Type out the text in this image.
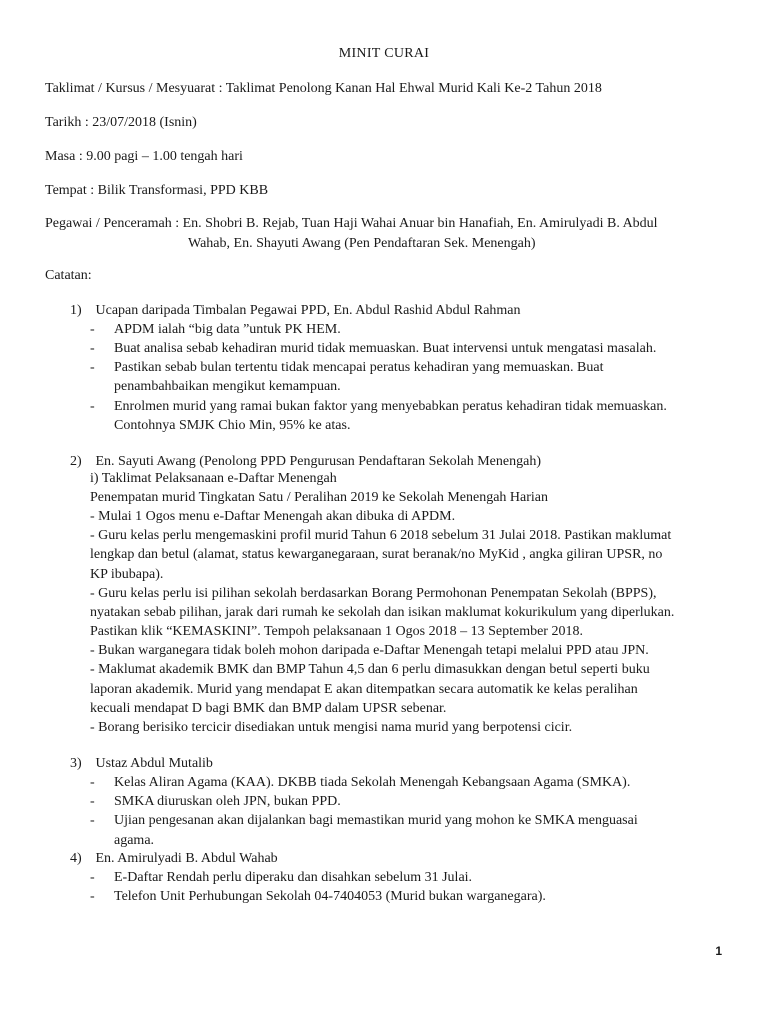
MINIT CURAI
Taklimat / Kursus / Mesyuarat : Taklimat Penolong Kanan Hal Ehwal Murid Kali Ke-2 Tahun 2018
Tarikh : 23/07/2018 (Isnin)
Masa : 9.00 pagi – 1.00 tengah hari
Tempat : Bilik Transformasi, PPD KBB
Pegawai / Penceramah : En. Shobri B. Rejab, Tuan Haji Wahai Anuar bin Hanafiah, En. Amirulyadi B. Abdul
Wahab, En. Shayuti Awang (Pen Pendaftaran Sek. Menengah)
Catatan:
1) Ucapan daripada Timbalan Pegawai PPD, En. Abdul Rashid Abdul Rahman
- APDM ialah “big data ”untuk PK HEM.
- Buat analisa sebab kehadiran murid tidak memuaskan. Buat intervensi untuk mengatasi masalah.
- Pastikan sebab bulan tertentu tidak mencapai peratus kehadiran yang memuaskan. Buat
penambahbaikan mengikut kemampuan.
- Enrolmen murid yang ramai bukan faktor yang menyebabkan peratus kehadiran tidak memuaskan.
Contohnya SMJK Chio Min, 95% ke atas.
2) En. Sayuti Awang (Penolong PPD Pengurusan Pendaftaran Sekolah Menengah)
i) Taklimat Pelaksanaan e-Daftar Menengah
Penempatan murid Tingkatan Satu / Peralihan 2019 ke Sekolah Menengah Harian
- Mulai 1 Ogos menu e-Daftar Menengah akan dibuka di APDM.
- Guru kelas perlu mengemaskini profil murid Tahun 6 2018 sebelum 31 Julai 2018. Pastikan maklumat
lengkap dan betul (alamat, status kewarganegaraan, surat beranak/no MyKid , angka giliran UPSR, no
KP ibubapa).
- Guru kelas perlu isi pilihan sekolah berdasarkan Borang Permohonan Penempatan Sekolah (BPPS),
nyatakan sebab pilihan, jarak dari rumah ke sekolah dan isikan maklumat kokurikulum yang diperlukan.
Pastikan klik “KEMASKINI”. Tempoh pelaksanaan 1 Ogos 2018 – 13 September 2018.
- Bukan warganegara tidak boleh mohon daripada e-Daftar Menengah tetapi melalui PPD atau JPN.
- Maklumat akademik BMK dan BMP Tahun 4,5 dan 6 perlu dimasukkan dengan betul seperti buku
laporan akademik. Murid yang mendapat E akan ditempatkan secara automatik ke kelas peralihan
kecuali mendapat D bagi BMK dan BMP dalam UPSR sebenar.
- Borang berisiko tercicir disediakan untuk mengisi nama murid yang berpotensi cicir.
3) Ustaz Abdul Mutalib
- Kelas Aliran Agama (KAA). DKBB tiada Sekolah Menengah Kebangsaan Agama (SMKA).
- SMKA diuruskan oleh JPN, bukan PPD.
- Ujian pengesanan akan dijalankan bagi memastikan murid yang mohon ke SMKA menguasai
agama.
4) En. Amirulyadi B. Abdul Wahab
- E-Daftar Rendah perlu diperaku dan disahkan sebelum 31 Julai.
- Telefon Unit Perhubungan Sekolah 04-7404053 (Murid bukan warganegara).
1
